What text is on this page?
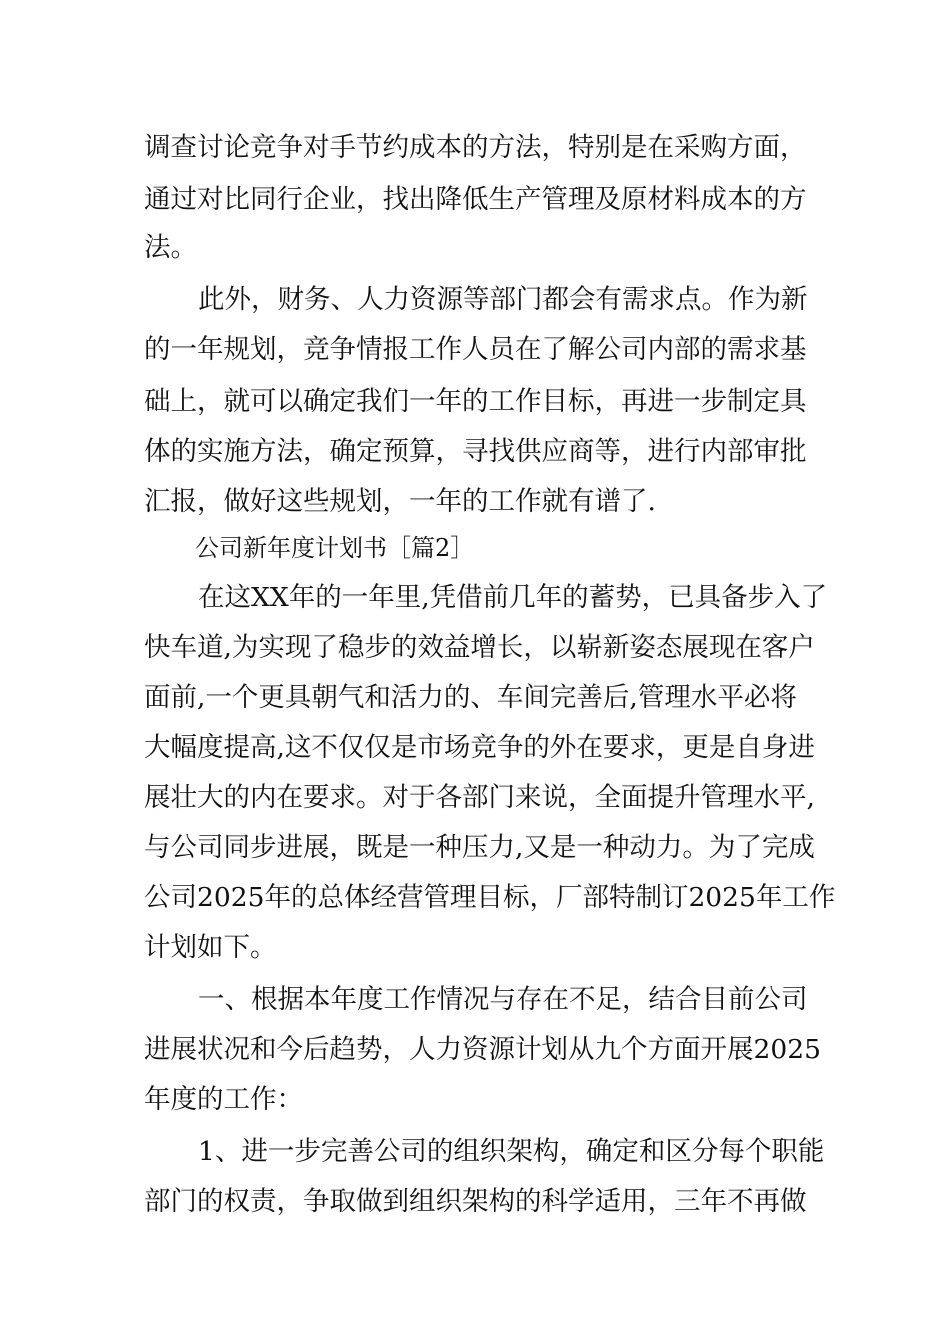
调查讨论竞争对手节约成本的方法，特别是在采购方面，
通过对比同行企业，找出降低生产管理及原材料成本的方
法。
此外，财务、人力资源等部门都会有需求点。作为新
的一年规划，竞争情报工作人员在了解公司内部的需求基
础上，就可以确定我们一年的工作目标，再进一步制定具
体的实施方法，确定预算，寻找供应商等，进行内部审批
汇报，做好这些规划，一年的工作就有谱了.
公司新年度计划书［篇2］
在这XX年的一年里,凭借前几年的蓄势，已具备步入了
快车道,为实现了稳步的效益增长，以崭新姿态展现在客户
面前,一个更具朝气和活力的、车间完善后,管理水平必将
大幅度提高,这不仅仅是市场竞争的外在要求，更是自身进
展壮大的内在要求。对于各部门来说，全面提升管理水平,
与公司同步进展，既是一种压力,又是一种动力。为了完成
公司2025年的总体经营管理目标，厂部特制订2025年工作
计划如下。
一、根据本年度工作情况与存在不足，结合目前公司
进展状况和今后趋势，人力资源计划从九个方面开展2025
年度的工作：
1、进一步完善公司的组织架构，确定和区分每个职能
部门的权责，争取做到组织架构的科学适用，三年不再做
